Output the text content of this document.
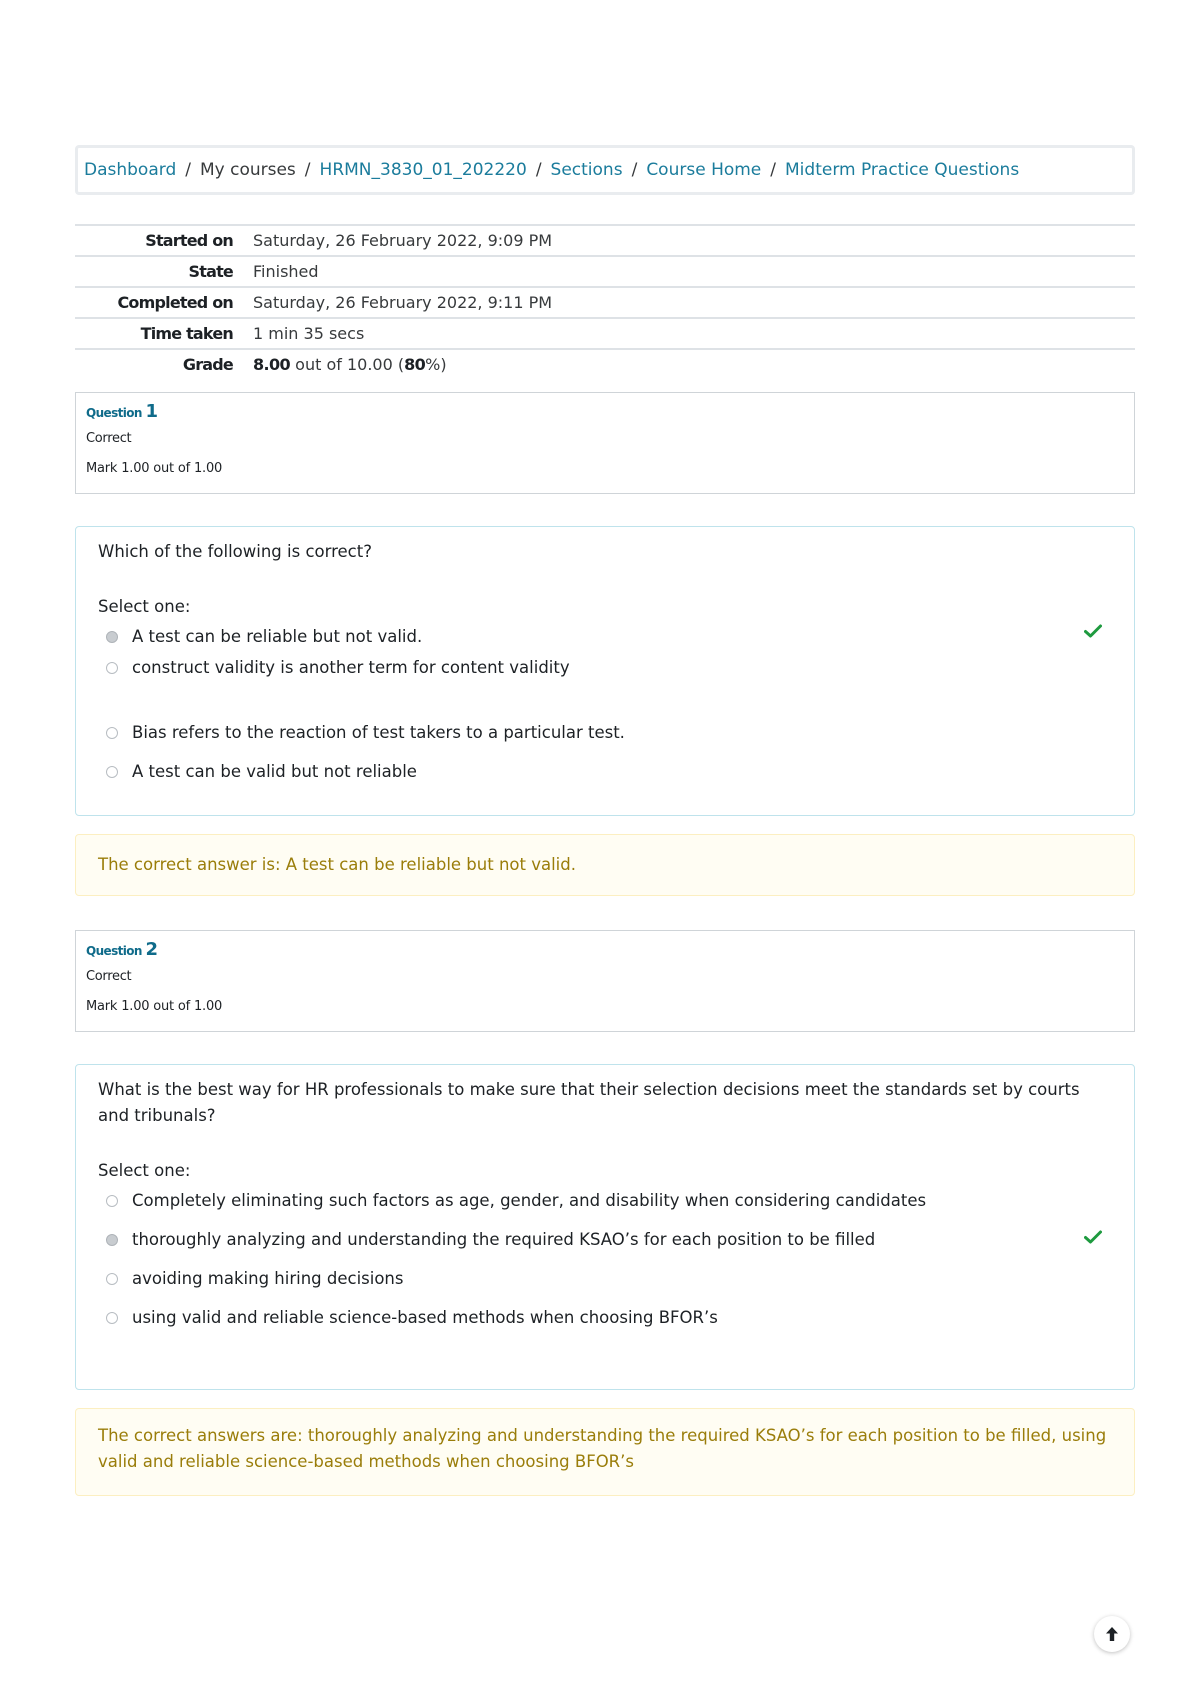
Dashboard / My courses / HRMN_3830_01_202220 / Sections / Course Home / Midterm Practice Questions
Started on	Saturday, 26 February 2022, 9:09 PM
State	Finished
Completed on	Saturday, 26 February 2022, 9:11 PM
Time taken	1 min 35 secs
Grade	8.00 out of 10.00 (80%)
Question 1
Correct
Mark 1.00 out of 1.00
Which of the following is correct?
Select one:
A test can be reliable but not valid.
construct validity is another term for content validity
Bias refers to the reaction of test takers to a particular test.
A test can be valid but not reliable
The correct answer is: A test can be reliable but not valid.
Question 2
Correct
Mark 1.00 out of 1.00
What is the best way for HR professionals to make sure that their selection decisions meet the standards set by courts and tribunals?
Select one:
Completely eliminating such factors as age, gender, and disability when considering candidates
thoroughly analyzing and understanding the required KSAO’s for each position to be filled
avoiding making hiring decisions
using valid and reliable science-based methods when choosing BFOR’s
The correct answers are: thoroughly analyzing and understanding the required KSAO’s for each position to be filled, using valid and reliable science-based methods when choosing BFOR’s
